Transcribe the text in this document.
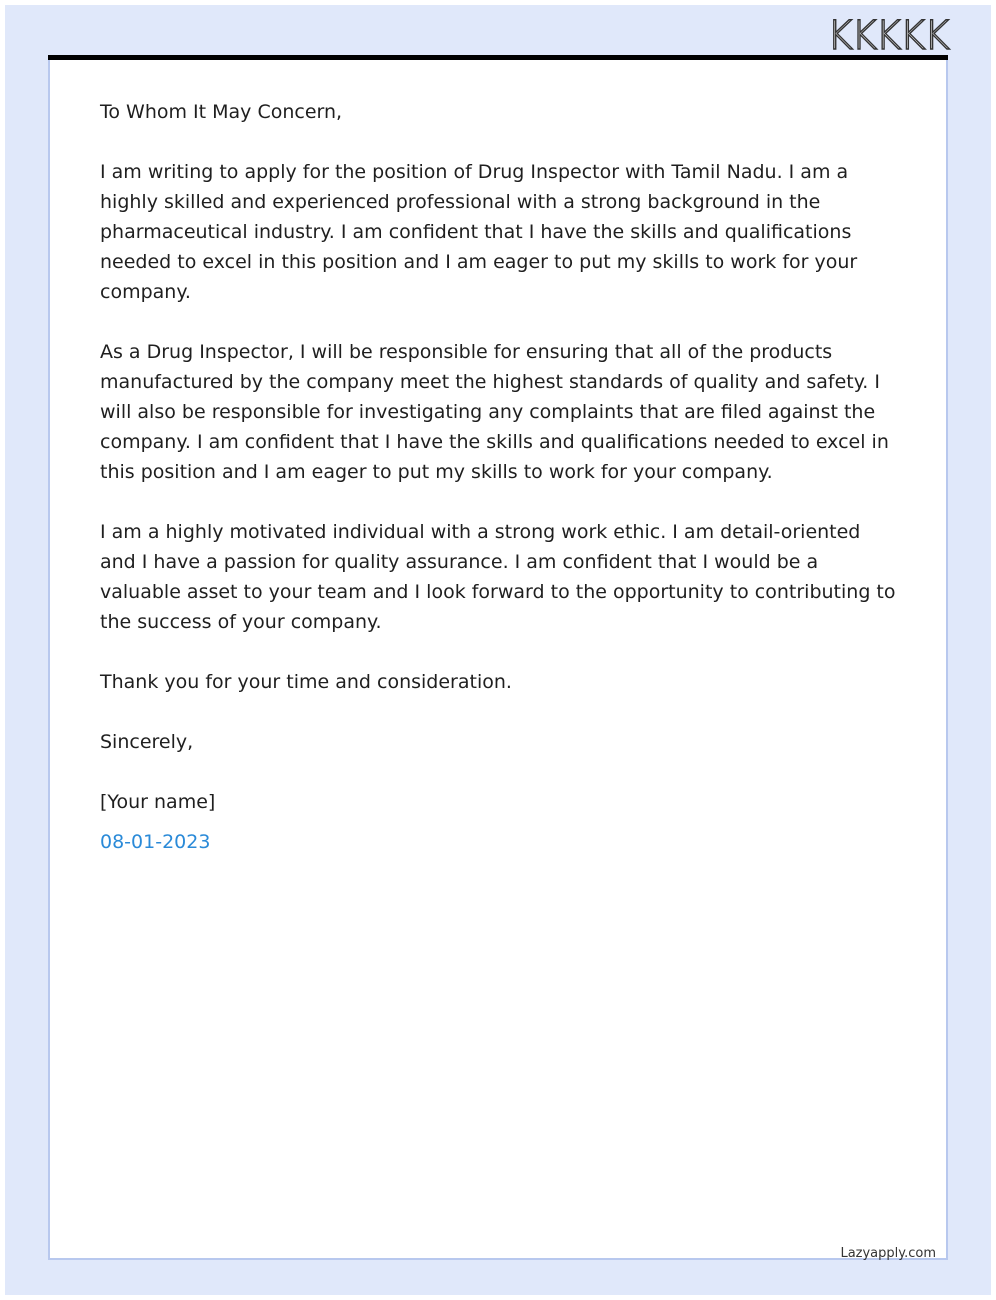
KKKKK

To Whom It May Concern,

I am writing to apply for the position of Drug Inspector with Tamil Nadu. I am a highly skilled and experienced professional with a strong background in the pharmaceutical industry. I am confident that I have the skills and qualifications needed to excel in this position and I am eager to put my skills to work for your company.

As a Drug Inspector, I will be responsible for ensuring that all of the products manufactured by the company meet the highest standards of quality and safety. I will also be responsible for investigating any complaints that are filed against the company. I am confident that I have the skills and qualifications needed to excel in this position and I am eager to put my skills to work for your company.

I am a highly motivated individual with a strong work ethic. I am detail-oriented and I have a passion for quality assurance. I am confident that I would be a valuable asset to your team and I look forward to the opportunity to contributing to the success of your company.

Thank you for your time and consideration.

Sincerely,

[Your name]

08-01-2023

Lazyapply.com
